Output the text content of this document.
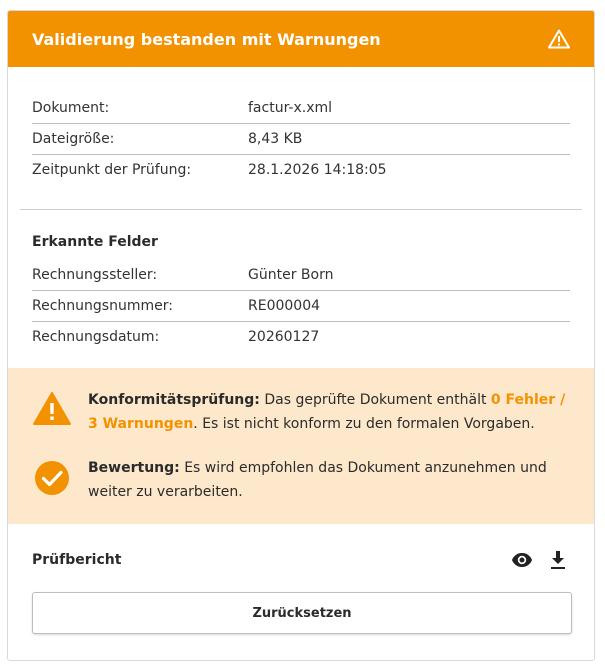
Validierung bestanden mit Warnungen
Dokument:	factur-x.xml
Dateigröße:	8,43 KB
Zeitpunkt der Prüfung:	28.1.2026 14:18:05
Erkannte Felder
Rechnungssteller:	Günter Born
Rechnungsnummer:	RE000004
Rechnungsdatum:	20260127
Konformitätsprüfung: Das geprüfte Dokument enthält 0 Fehler / 3 Warnungen. Es ist nicht konform zu den formalen Vorgaben.
Bewertung: Es wird empfohlen das Dokument anzunehmen und weiter zu verarbeiten.
Prüfbericht
Zurücksetzen
